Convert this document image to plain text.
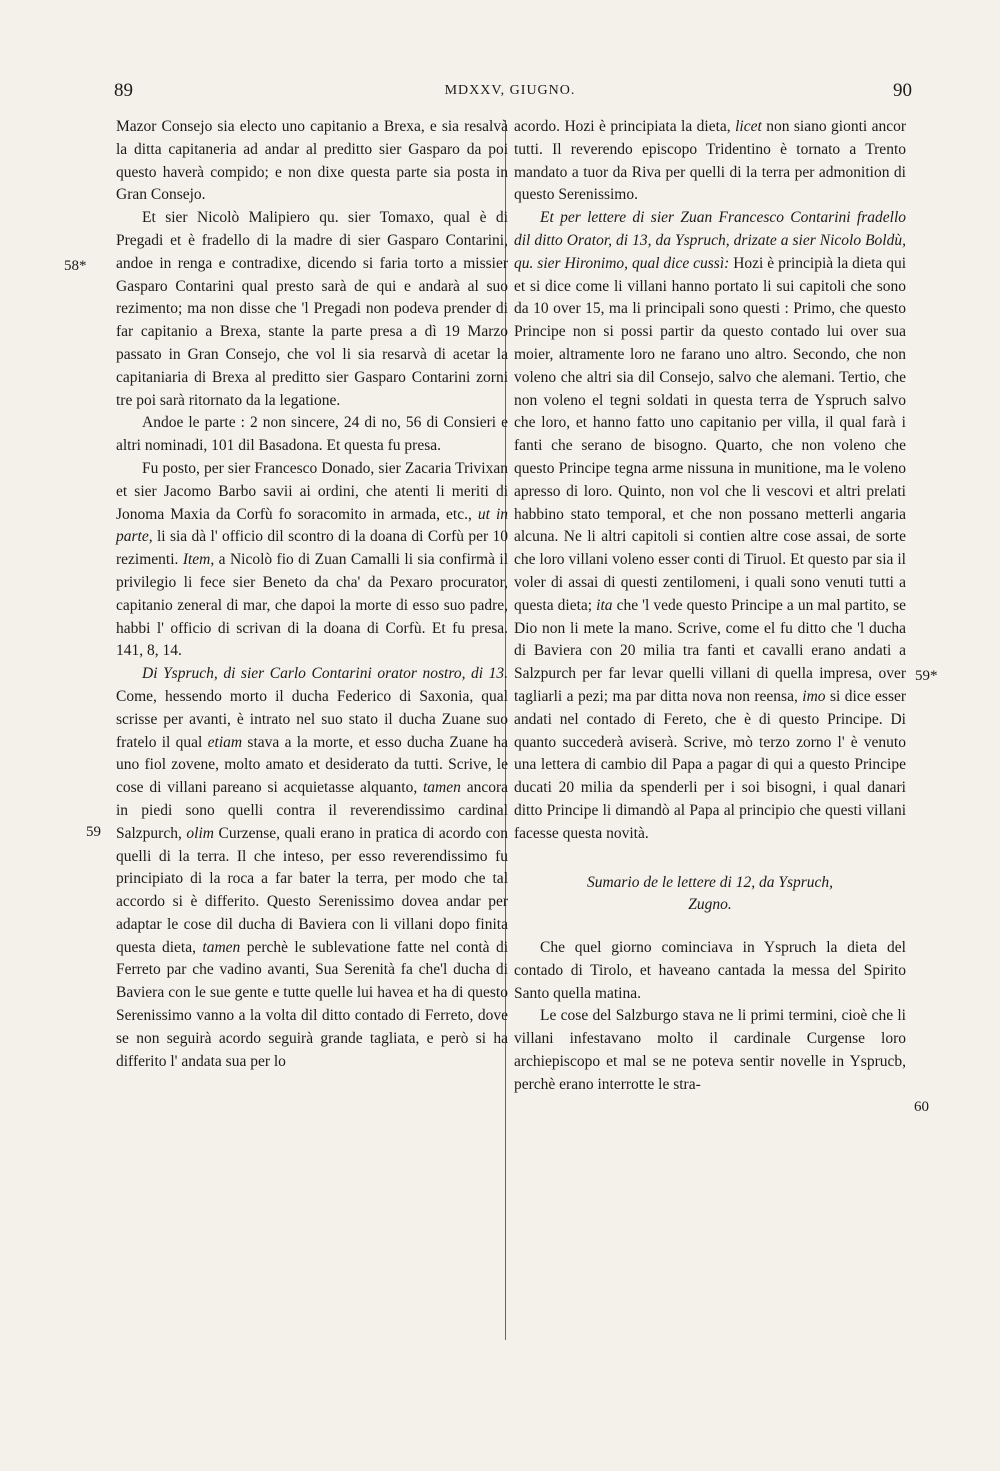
89	MDXXV, GIUGNO.	90
58*
59
59*
60

Mazor Consejo sia electo uno capitanio a Brexa, e sia resalvà la ditta capitaneria ad andar al preditto sier Gasparo da poi questo haverà compido; e non dixe questa parte sia posta in Gran Consejo.

Et sier Nicolò Malipiero qu. sier Tomaxo, qual è di Pregadi et è fradello di la madre di sier Gasparo Contarini, andoe in renga e contradixe, dicendo si faria torto a missier Gasparo Contarini qual presto sarà de qui e andarà al suo rezimento; ma non disse che 'l Pregadi non podeva prender di far capitanio a Brexa, stante la parte presa a dì 19 Marzo passato in Gran Consejo, che vol li sia resarvà di acetar la capitaniaria di Brexa al preditto sier Gasparo Contarini zorni tre poi sarà ritornato da la legatione.

Andoe le parte : 2 non sincere, 24 di no, 56 di Consieri e altri nominadi, 101 dil Basadona. Et questa fu presa.

Fu posto, per sier Francesco Donado, sier Zacaria Trivixan et sier Jacomo Barbo savii ai ordini, che atenti li meriti di Jonoma Maxia da Corfù fo soracomito in armada, etc., ut in parte, li sia dà l' officio dil scontro di la doana di Corfù per 10 rezimenti. Item, a Nicolò fio di Zuan Camalli li sia confirmà il privilegio li fece sier Beneto da cha' da Pexaro procurator, capitanio zeneral di mar, che dapoi la morte di esso suo padre, habbi l' officio di scrivan di la doana di Corfù. Et fu presa. 141, 8, 14.

Di Yspruch, di sier Carlo Contarini orator nostro, di 13. Come, hessendo morto il ducha Federico di Saxonia, qual scrisse per avanti, è intrato nel suo stato il ducha Zuane suo fratelo il qual etiam stava a la morte, et esso ducha Zuane ha uno fiol zovene, molto amato et desiderato da tutti. Scrive, le cose di villani pareano si acquietasse alquanto, tamen ancora in piedi sono quelli contra il reverendissimo cardinal Salzpurch, olim Curzense, quali erano in pratica di acordo con quelli di la terra. Il che inteso, per esso reverendissimo fu principiato di la roca a far bater la terra, per modo che tal accordo si è differito. Questo Serenissimo dovea andar per adaptar le cose dil ducha di Baviera con li villani dopo finita questa dieta, tamen perchè le sublevatione fatte nel contà di Ferreto par che vadino avanti, Sua Serenità fa che'l ducha di Baviera con le sue gente e tutte quelle lui havea et ha di questo Serenissimo vanno a la volta dil ditto contado di Ferreto, dove se non seguirà acordo seguirà grande tagliata, e però si ha differito l' andata sua per lo

acordo. Hozi è principiata la dieta, licet non siano gionti ancor tutti. Il reverendo episcopo Tridentino è tornato a Trento mandato a tuor da Riva per quelli di la terra per admonition di questo Serenissimo.

Et per lettere di sier Zuan Francesco Contarini fradello dil ditto Orator, di 13, da Yspruch, drizate a sier Nicolo Boldù, qu. sier Hironimo, qual dice cussì: Hozi è principià la dieta qui et si dice come li villani hanno portato li sui capitoli che sono da 10 over 15, ma li principali sono questi : Primo, che questo Principe non si possi partir da questo contado lui over sua moier, altramente loro ne farano uno altro. Secondo, che non voleno che altri sia dil Consejo, salvo che alemani. Tertio, che non voleno el tegni soldati in questa terra de Yspruch salvo che loro, et hanno fatto uno capitanio per villa, il qual farà i fanti che serano de bisogno. Quarto, che non voleno che questo Principe tegna arme nissuna in munitione, ma le voleno apresso di loro. Quinto, non vol che li vescovi et altri prelati habbino stato temporal, et che non possano metterli angaria alcuna. Ne li altri capitoli si contien altre cose assai, de sorte che loro villani voleno esser conti di Tiruol. Et questo par sia il voler di assai di questi zentilomeni, i quali sono venuti tutti a questa dieta; ita che 'l vede questo Principe a un mal partito, se Dio non li mete la mano. Scrive, come el fu ditto che 'l ducha di Baviera con 20 milia tra fanti et cavalli erano andati a Salzpurch per far levar quelli villani di quella impresa, over tagliarli a pezi; ma par ditta nova non reensa, imo si dice esser andati nel contado di Fereto, che è di questo Principe. Di quanto succederà aviserà. Scrive, mò terzo zorno l' è venuto una lettera di cambio dil Papa a pagar di qui a questo Principe ducati 20 milia da spenderli per i soi bisogni, i qual danari ditto Principe li dimandò al Papa al principio che questi villani facesse questa novità.

Sumario de le lettere di 12, da Yspruch,
Zugno.

Che quel giorno cominciava in Yspruch la dieta del contado di Tirolo, et haveano cantada la messa del Spirito Santo quella matina.

Le cose del Salzburgo stava ne li primi termini, cioè che li villani infestavano molto il cardinale Curgense loro archiepiscopo et mal se ne poteva sentir novelle in Ysprucb, perchè erano interrotte le stra-
